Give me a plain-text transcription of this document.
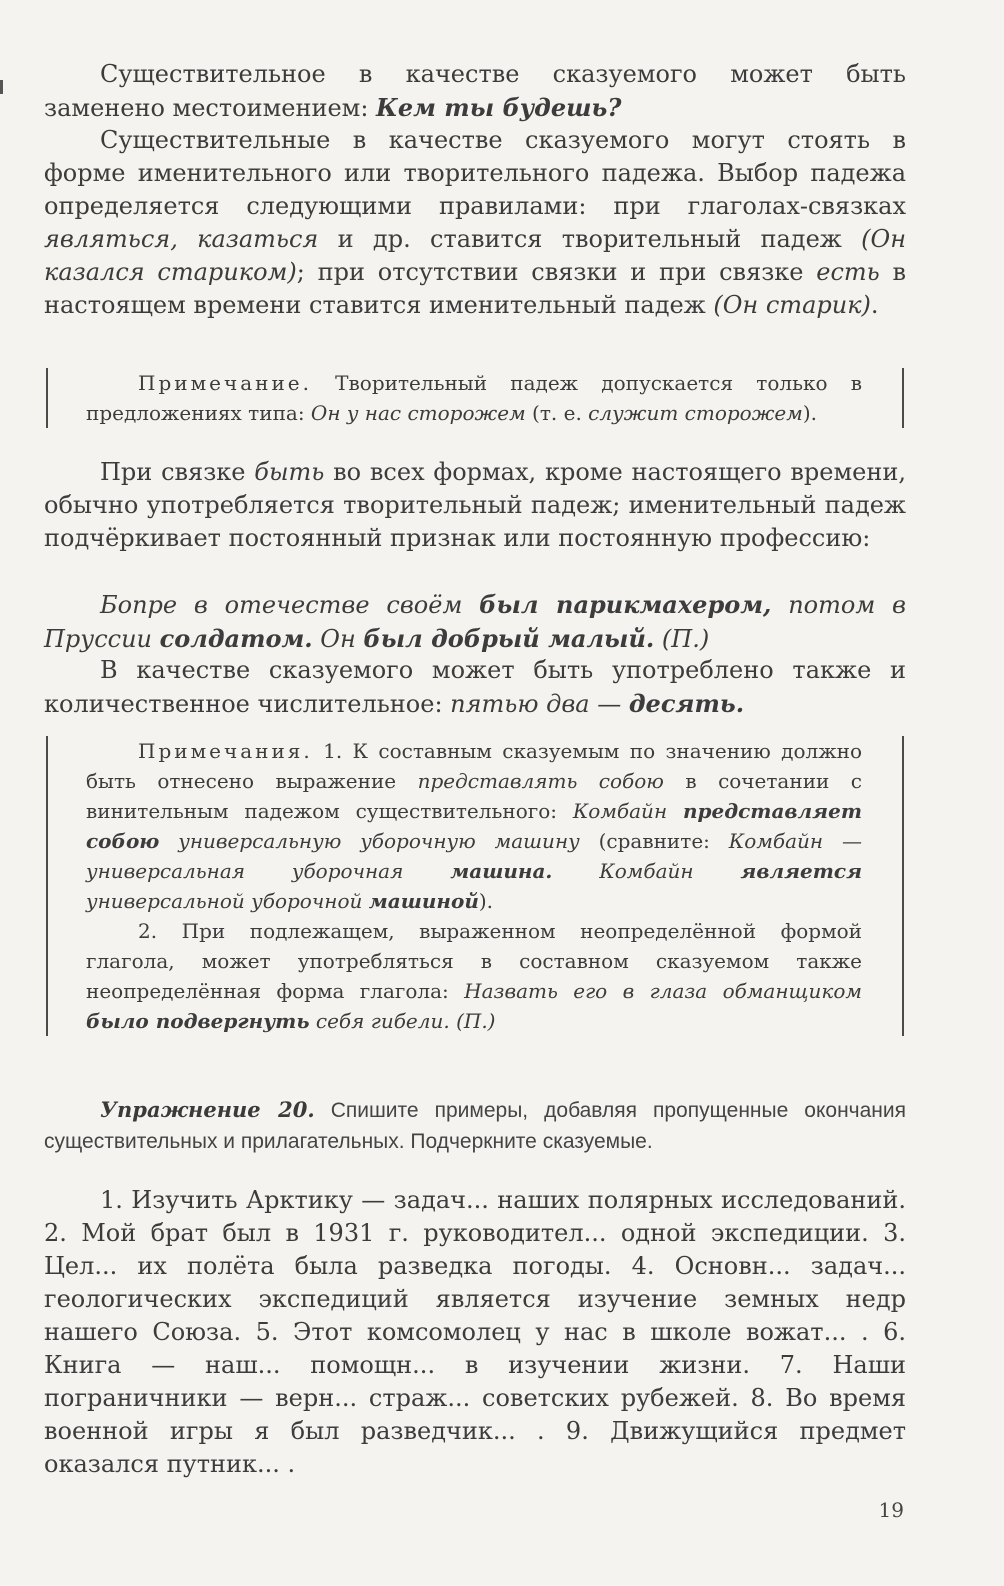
Существительное в качестве сказуемого может быть заменено местоимением: Кем ты будешь?

Существительные в качестве сказуемого могут стоять в форме именительного или творительного падежа. Выбор падежа определяется следующими правилами: при глаголах-связках являться, казаться и др. ставится творительный падеж (Он казался стариком); при отсутствии связки и при связке есть в настоящем времени ставится именительный падеж (Он старик).

Примечание. Творительный падеж допускается только в предложениях типа: Он у нас сторожем (т. е. служит сторожем).

При связке быть во всех формах, кроме настоящего времени, обычно употребляется творительный падеж; именительный падеж подчёркивает постоянный признак или постоянную профессию:

Бопре в отечестве своём был парикмахером, потом в Пруссии солдатом. Он был добрый малый. (П.)

В качестве сказуемого может быть употреблено также и количественное числительное: пятью два — десять.

Примечания. 1. К составным сказуемым по значению должно быть отнесено выражение представлять собою в сочетании с винительным падежом существительного: Комбайн представляет собою универсальную уборочную машину (сравните: Комбайн — универсальная уборочная машина. Комбайн является универсальной уборочной машиной).

2. При подлежащем, выраженном неопределённой формой глагола, может употребляться в составном сказуемом также неопределённая форма глагола: Назвать его в глаза обманщиком было подвергнуть себя гибели. (П.)

Упражнение 20. Спишите примеры, добавляя пропущенные окончания существительных и прилагательных. Подчеркните сказуемые.

1. Изучить Арктику — задач... наших полярных исследований. 2. Мой брат был в 1931 г. руководител... одной экспедиции. 3. Цел... их полёта была разведка погоды. 4. Основн... задач... геологических экспедиций является изучение земных недр нашего Союза. 5. Этот комсомолец у нас в школе вожат... . 6. Книга — наш... помощн... в изучении жизни. 7. Наши пограничники — верн... страж... советских рубежей. 8. Во время военной игры я был разведчик... . 9. Движущийся предмет оказался путник... .

19
